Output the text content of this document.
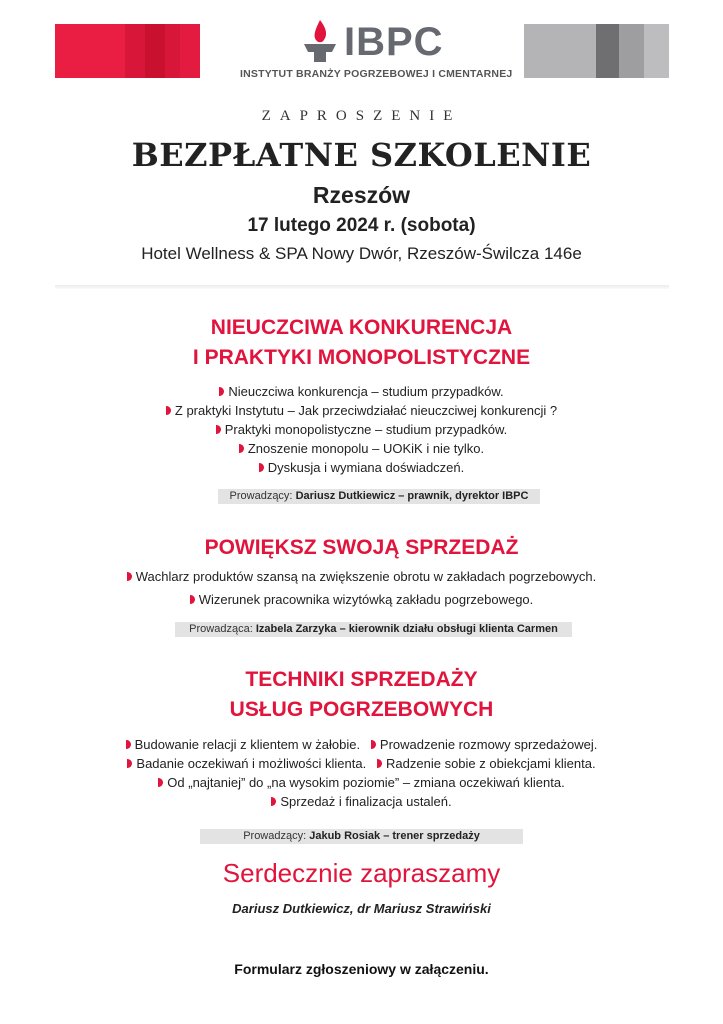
IBPC
INSTYTUT BRANŻY POGRZEBOWEJ I CMENTARNEJ
ZAPROSZENIE
BEZPŁATNE SZKOLENIE
Rzeszów
17 lutego 2024 r. (sobota)
Hotel Wellness & SPA Nowy Dwór, Rzeszów-Świlcza 146e
NIEUCZCIWA KONKURENCJA
I PRAKTYKI MONOPOLISTYCZNE
Nieuczciwa konkurencja – studium przypadków.
Z praktyki Instytutu – Jak przeciwdziałać nieuczciwej konkurencji ?
Praktyki monopolistyczne – studium przypadków.
Znoszenie monopolu – UOKiK i nie tylko.
Dyskusja i wymiana doświadczeń.
Prowadzący: Dariusz Dutkiewicz – prawnik, dyrektor IBPC
POWIĘKSZ SWOJĄ SPRZEDAŻ
Wachlarz produktów szansą na zwiększenie obrotu w zakładach pogrzebowych.
Wizerunek pracownika wizytówką zakładu pogrzebowego.
Prowadząca: Izabela Zarzyka – kierownik działu obsługi klienta Carmen
TECHNIKI SPRZEDAŻY
USŁUG POGRZEBOWYCH
Budowanie relacji z klientem w żałobie. Prowadzenie rozmowy sprzedażowej.
Badanie oczekiwań i możliwości klienta. Radzenie sobie z obiekcjami klienta.
Od „najtaniej” do „na wysokim poziomie” – zmiana oczekiwań klienta.
Sprzedaż i finalizacja ustaleń.
Prowadzący: Jakub Rosiak – trener sprzedaży
Serdecznie zapraszamy
Dariusz Dutkiewicz, dr Mariusz Strawiński
Formularz zgłoszeniowy w załączeniu.
